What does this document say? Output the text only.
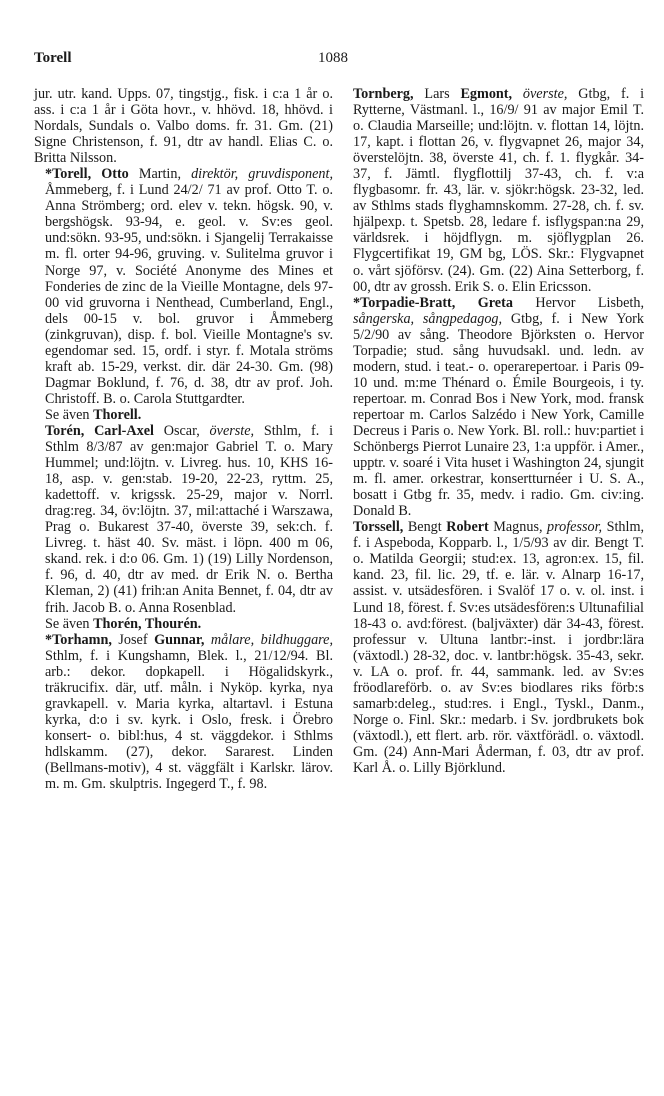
Torell	1088

jur. utr. kand. Upps. 07, tingstjg., fisk. i c:a 1 år o. ass. i c:a 1 år i Göta hovr., v. hhövd. 18, hhövd. i Nordals, Sundals o. Valbo doms. fr. 31. Gm. (21) Signe Christenson, f. 91, dtr av handl. Elias C. o. Britta Nilsson.

*Torell, Otto Martin, direktör, gruvdisponent, Åmmeberg, f. i Lund 24/2/ 71 av prof. Otto T. o. Anna Strömberg; ord. elev v. tekn. högsk. 90, v. bergshögsk. 93-94, e. geol. v. Sv:es geol. und:sökn. 93-95, und:sökn. i Sjangelij Terrakaisse m. fl. orter 94-96, gruving. v. Sulitelma gruvor i Norge 97, v. Société Anonyme des Mines et Fonderies de zinc de la Vieille Montagne, dels 97-00 vid gruvorna i Nenthead, Cumberland, Engl., dels 00-15 v. bol. gruvor i Åmmeberg (zinkgruvan), disp. f. bol. Vieille Montagne's sv. egendomar sed. 15, ordf. i styr. f. Motala ströms kraft ab. 15-29, verkst. dir. där 24-30. Gm. (98) Dagmar Boklund, f. 76, d. 38, dtr av prof. Joh. Christoff. B. o. Carola Stuttgardter.

Se även Thorell.

Torén, Carl-Axel Oscar, överste, Sthlm, f. i Sthlm 8/3/87 av gen:major Gabriel T. o. Mary Hummel; und:löjtn. v. Livreg. hus. 10, KHS 16-18, asp. v. gen:stab. 19-20, 22-23, ryttm. 25, kadettoff. v. krigssk. 25-29, major v. Norrl. drag:reg. 34, öv:löjtn. 37, mil:attaché i Warszawa, Prag o. Bukarest 37-40, överste 39, sek:ch. f. Livreg. t. häst 40. Sv. mäst. i löpn. 400 m 06, skand. rek. i d:o 06. Gm. 1) (19) Lilly Nordenson, f. 96, d. 40, dtr av med. dr Erik N. o. Bertha Kleman, 2) (41) frih:an Anita Bennet, f. 04, dtr av frih. Jacob B. o. Anna Rosenblad.

Se även Thorén, Thourén.

*Torhamn, Josef Gunnar, målare, bildhuggare, Sthlm, f. i Kungshamn, Blek. l., 21/12/94. Bl. arb.: dekor. dopkapell. i Högalidskyrk., träkrucifix. där, utf. måln. i Nyköp. kyrka, nya gravkapell. v. Maria kyrka, altartavl. i Estuna kyrka, d:o i sv. kyrk. i Oslo, fresk. i Örebro konsert- o. bibl:hus, 4 st. väggdekor. i Sthlms hdlskamm. (27), dekor. Sararest. Linden (Bellmans-motiv), 4 st. väggfält i Karlskr. lärov. m. m. Gm. skulptris. Ingegerd T., f. 98.

Tornberg, Lars Egmont, överste, Gtbg, f. i Rytterne, Västmanl. l., 16/9/ 91 av major Emil T. o. Claudia Marseille; und:löjtn. v. flottan 14, löjtn. 17, kapt. i flottan 26, v. flygvapnet 26, major 34, överstelöjtn. 38, överste 41, ch. f. 1. flygkår. 34-37, f. Jämtl. flygflottilj 37-43, ch. f. v:a flygbasomr. fr. 43, lär. v. sjökr:högsk. 23-32, led. av Sthlms stads flyghamnskomm. 27-28, ch. f. sv. hjälpexp. t. Spetsb. 28, ledare f. isflygspan:na 29, världsrek. i höjdflygn. m. sjöflygplan 26. Flygcertifikat 19, GM bg, LÖS. Skr.: Flygvapnet o. vårt sjöförsv. (24). Gm. (22) Aina Setterborg, f. 00, dtr av grossh. Erik S. o. Elin Ericsson.

*Torpadie-Bratt, Greta Hervor Lisbeth, sångerska, sångpedagog, Gtbg, f. i New York 5/2/90 av sång. Theodore Björksten o. Hervor Torpadie; stud. sång huvudsakl. und. ledn. av modern, stud. i teat.- o. operarepertoar. i Paris 09-10 und. m:me Thénard o. Émile Bourgeois, i ty. repertoar. m. Conrad Bos i New York, mod. fransk repertoar m. Carlos Salzédo i New York, Camille Decreus i Paris o. New York. Bl. roll.: huv:partiet i Schönbergs Pierrot Lunaire 23, 1:a uppför. i Amer., upptr. v. soaré i Vita huset i Washington 24, sjungit m. fl. amer. orkestrar, konsertturnéer i U. S. A., bosatt i Gtbg fr. 35, medv. i radio. Gm. civ:ing. Donald B.

Torssell, Bengt Robert Magnus, professor, Sthlm, f. i Aspeboda, Kopparb. l., 1/5/93 av dir. Bengt T. o. Matilda Georgii; stud:ex. 13, agron:ex. 15, fil. kand. 23, fil. lic. 29, tf. e. lär. v. Alnarp 16-17, assist. v. utsädesfören. i Svalöf 17 o. v. ol. inst. i Lund 18, förest. f. Sv:es utsädesfören:s Ultunafilial 18-43 o. avd:förest. (baljväxter) där 34-43, förest. professur v. Ultuna lantbr:-inst. i jordbr:lära (växtodl.) 28-32, doc. v. lantbr:högsk. 35-43, sekr. v. LA o. prof. fr. 44, sammank. led. av Sv:es fröodlareförb. o. av Sv:es biodlares riks förb:s samarb:deleg., stud:res. i Engl., Tyskl., Danm., Norge o. Finl. Skr.: medarb. i Sv. jordbrukets bok (växtodl.), ett flert. arb. rör. växtförädl. o. växtodl. Gm. (24) Ann-Mari Åderman, f. 03, dtr av prof. Karl Å. o. Lilly Björklund.
